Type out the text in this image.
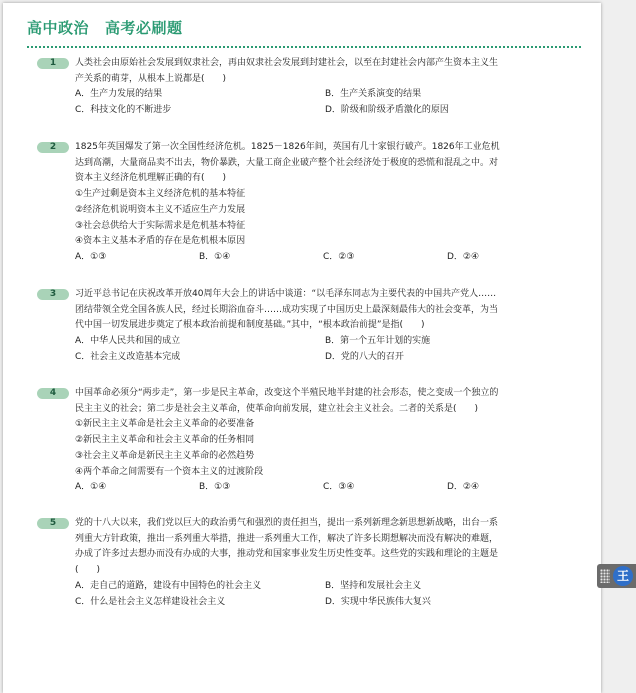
高中政治 高考必刷题
1	人类社会由原始社会发展到奴隶社会，再由奴隶社会发展到封建社会，以至在封建社会内部产生资本主义生

产关系的萌芽，从根本上说都是(　　)

A．生产力发展的结果	B．生产关系演变的结果
C．科技文化的不断进步	D．阶级和阶级矛盾激化的原因
2	1825年英国爆发了第一次全国性经济危机。1825－1826年间，英国有几十家银行破产。1826年工业危机

达到高潮，大量商品卖不出去，物价暴跌，大量工商企业破产整个社会经济处于极度的恐慌和混乱之中。对

资本主义经济危机理解正确的有(　　)

①生产过剩是资本主义经济危机的基本特征

②经济危机说明资本主义不适应生产力发展

③社会总供给大于实际需求是危机基本特征

④资本主义基本矛盾的存在是危机根本原因

A．①③	B．①④	C．②③	D．②④
3	习近平总书记在庆祝改革开放40周年大会上的讲话中谈道：“以毛泽东同志为主要代表的中国共产党人……

团结带领全党全国各族人民，经过长期浴血奋斗……成功实现了中国历史上最深刻最伟大的社会变革，为当

代中国一切发展进步奠定了根本政治前提和制度基础。”其中，“根本政治前提”是指(　　)

A．中华人民共和国的成立	B．第一个五年计划的实施
C．社会主义改造基本完成	D．党的八大的召开
4	中国革命必须分“两步走”，第一步是民主革命，改变这个半殖民地半封建的社会形态，使之变成一个独立的

民主主义的社会；第二步是社会主义革命，使革命向前发展，建立社会主义社会。二者的关系是(　　)

①新民主主义革命是社会主义革命的必要准备

②新民主主义革命和社会主义革命的任务相同

③社会主义革命是新民主主义革命的必然趋势

④两个革命之间需要有一个资本主义的过渡阶段

A．①④	B．①③	C．③④	D．②④
5	党的十八大以来，我们党以巨大的政治勇气和强烈的责任担当，提出一系列新理念新思想新战略，出台一系

列重大方针政策，推出一系列重大举措，推进一系列重大工作，解决了许多长期想解决而没有解决的难题，

办成了许多过去想办而没有办成的大事，推动党和国家事业发生历史性变革。这些党的实践和理论的主题是

(　　)

A．走自己的道路，建设有中国特色的社会主义	B．坚持和发展社会主义
C．什么是社会主义怎样建设社会主义	D．实现中华民族伟大复兴
王
